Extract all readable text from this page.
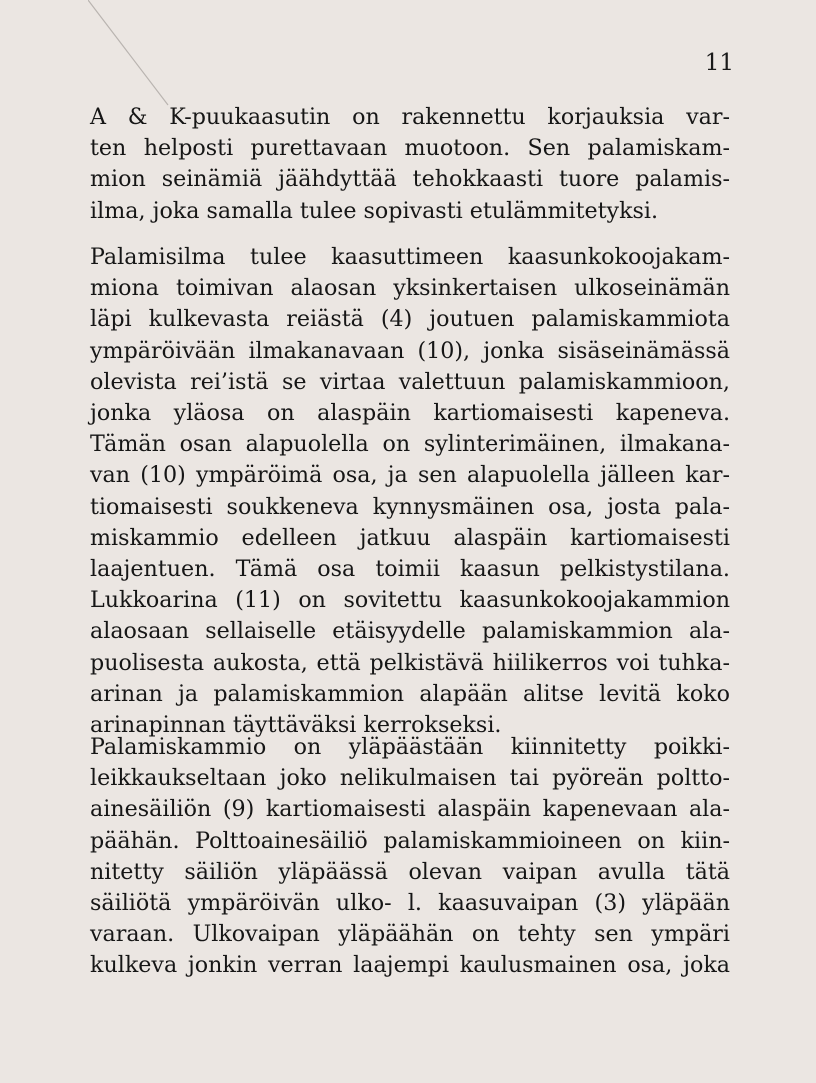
11
A & K-puukaasutin on rakennettu korjauksia var-
ten helposti purettavaan muotoon. Sen palamiskam-
mion seinämiä jäähdyttää tehokkaasti tuore palamis-
ilma, joka samalla tulee sopivasti etulämmitetyksi.
Palamisilma tulee kaasuttimeen kaasunkokoojakam-
miona toimivan alaosan yksinkertaisen ulkoseinämän
läpi kulkevasta reiästä (4) joutuen palamiskammiota
ympäröivään ilmakanavaan (10), jonka sisäseinämässä
olevista rei’istä se virtaa valettuun palamiskammioon,
jonka yläosa on alaspäin kartiomaisesti kapeneva.
Tämän osan alapuolella on sylinterimäinen, ilmakana-
van (10) ympäröimä osa, ja sen alapuolella jälleen kar-
tiomaisesti soukkeneva kynnysmäinen osa, josta pala-
miskammio edelleen jatkuu alaspäin kartiomaisesti
laajentuen. Tämä osa toimii kaasun pelkistystilana.
Lukkoarina (11) on sovitettu kaasunkokoojakammion
alaosaan sellaiselle etäisyydelle palamiskammion ala-
puolisesta aukosta, että pelkistävä hiilikerros voi tuhka-
arinan ja palamiskammion alapään alitse levitä koko
arinapinnan täyttäväksi kerrokseksi.
Palamiskammio on yläpäästään kiinnitetty poikki-
leikkaukseltaan joko nelikulmaisen tai pyöreän poltto-
ainesäiliön (9) kartiomaisesti alaspäin kapenevaan ala-
päähän. Polttoainesäiliö palamiskammioineen on kiin-
nitetty säiliön yläpäässä olevan vaipan avulla tätä
säiliötä ympäröivän ulko- l. kaasuvaipan (3) yläpään
varaan. Ulkovaipan yläpäähän on tehty sen ympäri
kulkeva jonkin verran laajempi kaulusmainen osa, joka
